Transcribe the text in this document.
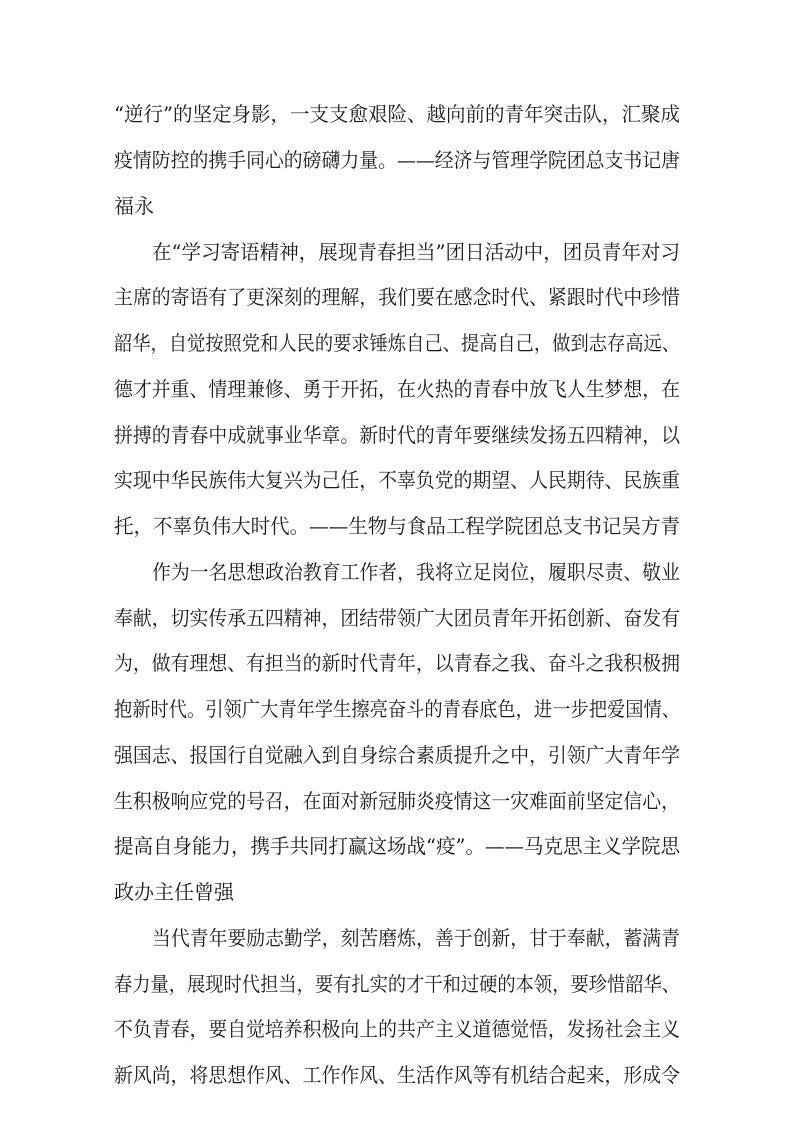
“逆行”的坚定身影，一支支愈艰险、越向前的青年突击队，汇聚成
疫情防控的携手同心的磅礴力量。——经济与管理学院团总支书记唐
福永
在“学习寄语精神，展现青春担当”团日活动中，团员青年对习
主席的寄语有了更深刻的理解，我们要在感念时代、紧跟时代中珍惜
韶华，自觉按照党和人民的要求锤炼自己、提高自己，做到志存高远、
德才并重、情理兼修、勇于开拓，在火热的青春中放飞人生梦想，在
拼搏的青春中成就事业华章。新时代的青年要继续发扬五四精神，以
实现中华民族伟大复兴为己任，不辜负党的期望、人民期待、民族重
托，不辜负伟大时代。——生物与食品工程学院团总支书记吴方青
作为一名思想政治教育工作者，我将立足岗位，履职尽责、敬业
奉献，切实传承五四精神，团结带领广大团员青年开拓创新、奋发有
为，做有理想、有担当的新时代青年，以青春之我、奋斗之我积极拥
抱新时代。引领广大青年学生擦亮奋斗的青春底色，进一步把爱国情、
强国志、报国行自觉融入到自身综合素质提升之中，引领广大青年学
生积极响应党的号召，在面对新冠肺炎疫情这一灾难面前坚定信心，
提高自身能力，携手共同打赢这场战“疫”。——马克思主义学院思
政办主任曾强
当代青年要励志勤学，刻苦磨炼，善于创新，甘于奉献，蓄满青
春力量，展现时代担当，要有扎实的才干和过硬的本领，要珍惜韶华、
不负青春，要自觉培养积极向上的共产主义道德觉悟，发扬社会主义
新风尚，将思想作风、工作作风、生活作风等有机结合起来，形成令
